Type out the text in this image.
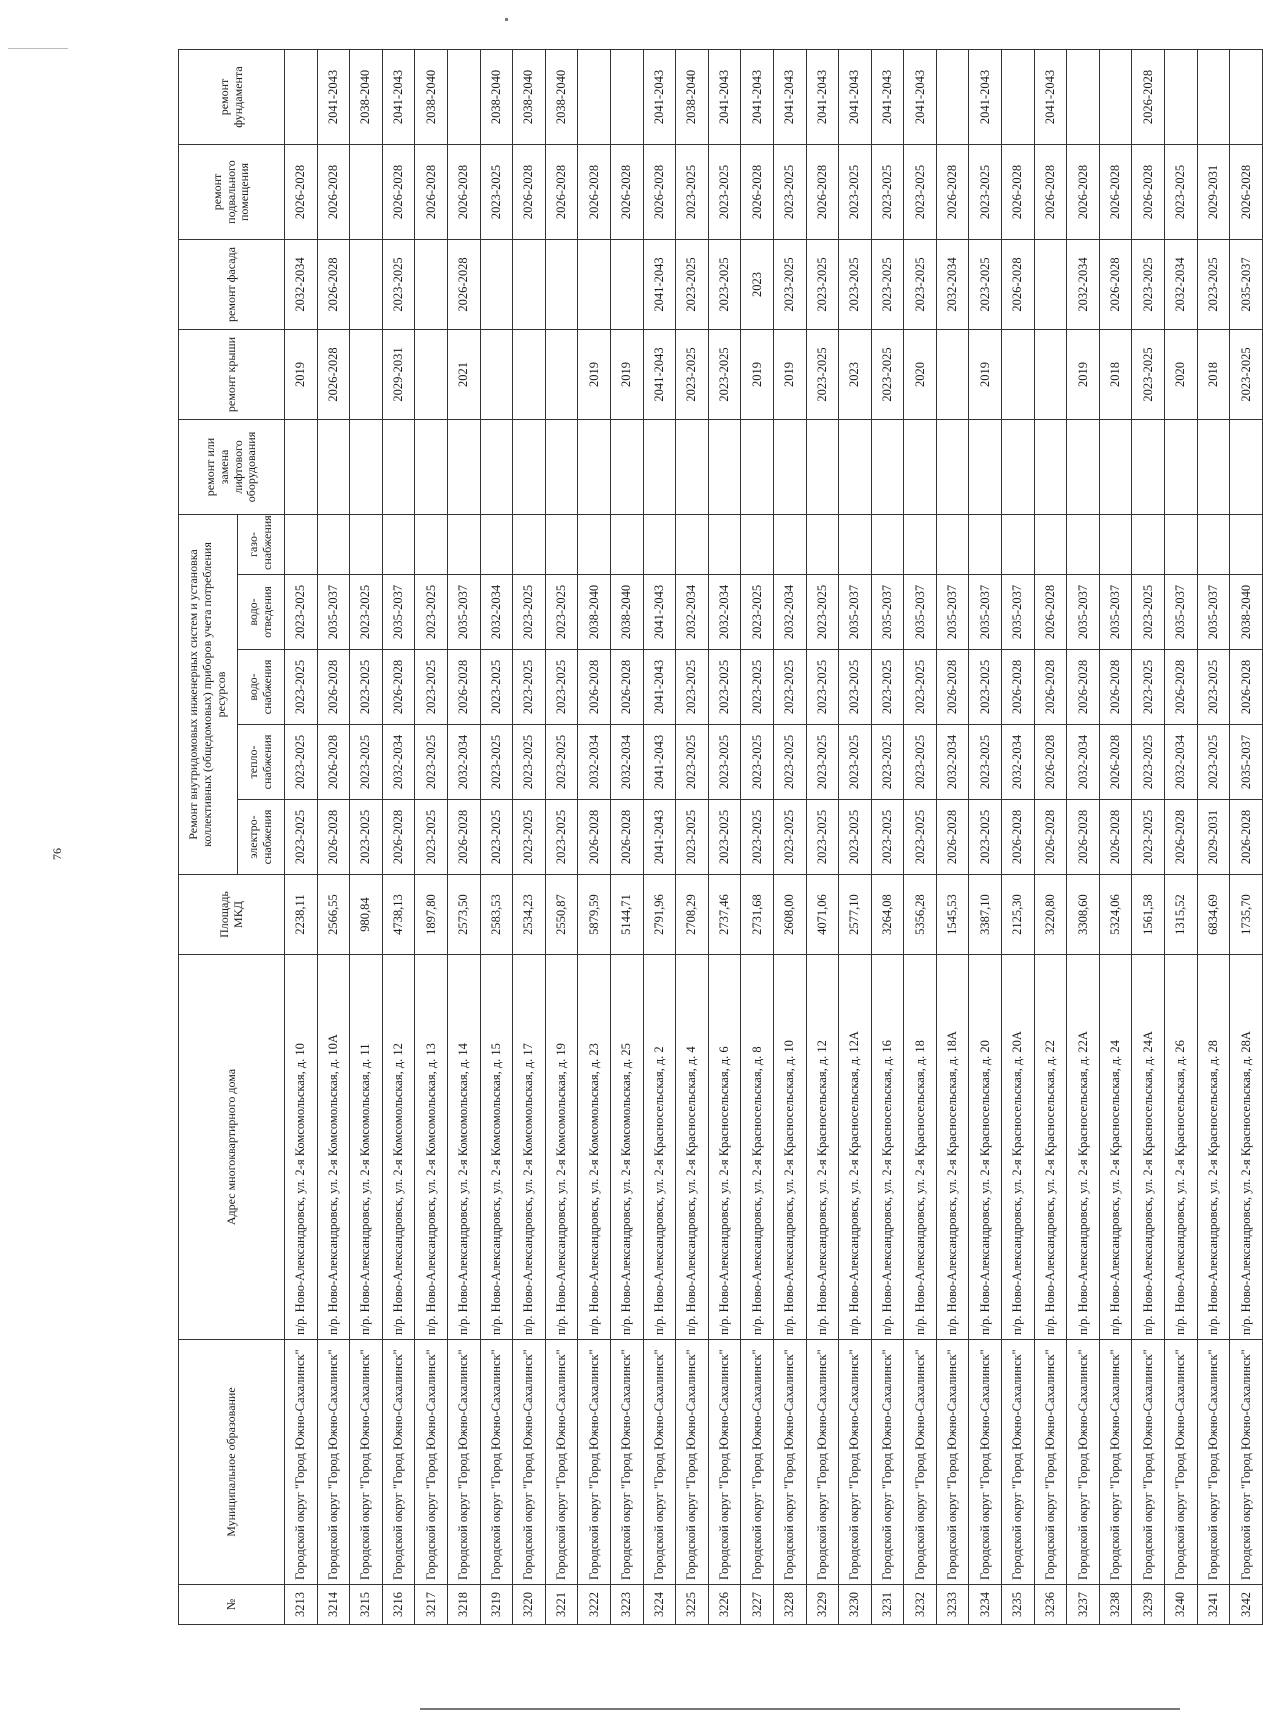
76
№	Муниципальное образование	Адрес многоквартирного дома	Площадь МКД	Ремонт внутридомовых инженерных систем и установка коллективных (общедомовых) приборов учета потребления ресурсов					ремонт или замена лифтового оборудования	ремонт крыши	ремонт фасада	ремонт подвального помещения	ремонт фундамента
				электро-снабжения	тепло-снабжения	водо-снабжения	водо-отведения	газо-снабжения					
3213	Городской округ "Город Южно-Сахалинск"	п/р. Ново-Александровск, ул. 2-я Комсомольская, д. 10	2238,11	2023-2025	2023-2025	2023-2025	2023-2025			2019	2032-2034	2026-2028	
3214	Городской округ "Город Южно-Сахалинск"	п/р. Ново-Александровск, ул. 2-я Комсомольская, д. 10А	2566,55	2026-2028	2026-2028	2026-2028	2035-2037			2026-2028	2026-2028	2026-2028	2041-2043
3215	Городской округ "Город Южно-Сахалинск"	п/р. Ново-Александровск, ул. 2-я Комсомольская, д. 11	980,84	2023-2025	2023-2025	2023-2025	2023-2025						2038-2040
3216	Городской округ "Город Южно-Сахалинск"	п/р. Ново-Александровск, ул. 2-я Комсомольская, д. 12	4738,13	2026-2028	2032-2034	2026-2028	2035-2037			2029-2031	2023-2025	2026-2028	2041-2043
3217	Городской округ "Город Южно-Сахалинск"	п/р. Ново-Александровск, ул. 2-я Комсомольская, д. 13	1897,80	2023-2025	2023-2025	2023-2025	2023-2025					2026-2028	2038-2040
3218	Городской округ "Город Южно-Сахалинск"	п/р. Ново-Александровск, ул. 2-я Комсомольская, д. 14	2573,50	2026-2028	2032-2034	2026-2028	2035-2037			2021	2026-2028	2026-2028	
3219	Городской округ "Город Южно-Сахалинск"	п/р. Ново-Александровск, ул. 2-я Комсомольская, д. 15	2583,53	2023-2025	2023-2025	2023-2025	2032-2034					2023-2025	2038-2040
3220	Городской округ "Город Южно-Сахалинск"	п/р. Ново-Александровск, ул. 2-я Комсомольская, д. 17	2534,23	2023-2025	2023-2025	2023-2025	2023-2025					2026-2028	2038-2040
3221	Городской округ "Город Южно-Сахалинск"	п/р. Ново-Александровск, ул. 2-я Комсомольская, д. 19	2550,87	2023-2025	2023-2025	2023-2025	2023-2025					2026-2028	2038-2040
3222	Городской округ "Город Южно-Сахалинск"	п/р. Ново-Александровск, ул. 2-я Комсомольская, д. 23	5879,59	2026-2028	2032-2034	2026-2028	2038-2040			2019		2026-2028	
3223	Городской округ "Город Южно-Сахалинск"	п/р. Ново-Александровск, ул. 2-я Комсомольская, д. 25	5144,71	2026-2028	2032-2034	2026-2028	2038-2040			2019		2026-2028	
3224	Городской округ "Город Южно-Сахалинск"	п/р. Ново-Александровск, ул. 2-я Красносельская, д. 2	2791,96	2041-2043	2041-2043	2041-2043	2041-2043			2041-2043	2041-2043	2026-2028	2041-2043
3225	Городской округ "Город Южно-Сахалинск"	п/р. Ново-Александровск, ул. 2-я Красносельская, д. 4	2708,29	2023-2025	2023-2025	2023-2025	2032-2034			2023-2025	2023-2025	2023-2025	2038-2040
3226	Городской округ "Город Южно-Сахалинск"	п/р. Ново-Александровск, ул. 2-я Красносельская, д. 6	2737,46	2023-2025	2023-2025	2023-2025	2032-2034			2023-2025	2023-2025	2023-2025	2041-2043
3227	Городской округ "Город Южно-Сахалинск"	п/р. Ново-Александровск, ул. 2-я Красносельская, д. 8	2731,68	2023-2025	2023-2025	2023-2025	2023-2025			2019	2023	2026-2028	2041-2043
3228	Городской округ "Город Южно-Сахалинск"	п/р. Ново-Александровск, ул. 2-я Красносельская, д. 10	2608,00	2023-2025	2023-2025	2023-2025	2032-2034			2019	2023-2025	2023-2025	2041-2043
3229	Городской округ "Город Южно-Сахалинск"	п/р. Ново-Александровск, ул. 2-я Красносельская, д. 12	4071,06	2023-2025	2023-2025	2023-2025	2023-2025			2023-2025	2023-2025	2026-2028	2041-2043
3230	Городской округ "Город Южно-Сахалинск"	п/р. Ново-Александровск, ул. 2-я Красносельская, д. 12А	2577,10	2023-2025	2023-2025	2023-2025	2035-2037			2023	2023-2025	2023-2025	2041-2043
3231	Городской округ "Город Южно-Сахалинск"	п/р. Ново-Александровск, ул. 2-я Красносельская, д. 16	3264,08	2023-2025	2023-2025	2023-2025	2035-2037			2023-2025	2023-2025	2023-2025	2041-2043
3232	Городской округ "Город Южно-Сахалинск"	п/р. Ново-Александровск, ул. 2-я Красносельская, д. 18	5356,28	2023-2025	2023-2025	2023-2025	2035-2037			2020	2023-2025	2023-2025	2041-2043
3233	Городской округ "Город Южно-Сахалинск"	п/р. Ново-Александровск, ул. 2-я Красносельская, д. 18А	1545,53	2026-2028	2032-2034	2026-2028	2035-2037				2032-2034	2026-2028	
3234	Городской округ "Город Южно-Сахалинск"	п/р. Ново-Александровск, ул. 2-я Красносельская, д. 20	3387,10	2023-2025	2023-2025	2023-2025	2035-2037			2019	2023-2025	2023-2025	2041-2043
3235	Городской округ "Город Южно-Сахалинск"	п/р. Ново-Александровск, ул. 2-я Красносельская, д. 20А	2125,30	2026-2028	2032-2034	2026-2028	2035-2037				2026-2028	2026-2028	
3236	Городской округ "Город Южно-Сахалинск"	п/р. Ново-Александровск, ул. 2-я Красносельская, д. 22	3220,80	2026-2028	2026-2028	2026-2028	2026-2028					2026-2028	2041-2043
3237	Городской округ "Город Южно-Сахалинск"	п/р. Ново-Александровск, ул. 2-я Красносельская, д. 22А	3308,60	2026-2028	2032-2034	2026-2028	2035-2037			2019	2032-2034	2026-2028	
3238	Городской округ "Город Южно-Сахалинск"	п/р. Ново-Александровск, ул. 2-я Красносельская, д. 24	5324,06	2026-2028	2026-2028	2026-2028	2035-2037			2018	2026-2028	2026-2028	
3239	Городской округ "Город Южно-Сахалинск"	п/р. Ново-Александровск, ул. 2-я Красносельская, д. 24А	1561,58	2023-2025	2023-2025	2023-2025	2023-2025			2023-2025	2023-2025	2026-2028	2026-2028
3240	Городской округ "Город Южно-Сахалинск"	п/р. Ново-Александровск, ул. 2-я Красносельская, д. 26	1315,52	2026-2028	2032-2034	2026-2028	2035-2037			2020	2032-2034	2023-2025	
3241	Городской округ "Город Южно-Сахалинск"	п/р. Ново-Александровск, ул. 2-я Красносельская, д. 28	6834,69	2029-2031	2023-2025	2023-2025	2035-2037			2018	2023-2025	2029-2031	
3242	Городской округ "Город Южно-Сахалинск"	п/р. Ново-Александровск, ул. 2-я Красносельская, д. 28А	1735,70	2026-2028	2035-2037	2026-2028	2038-2040			2023-2025	2035-2037	2026-2028	
